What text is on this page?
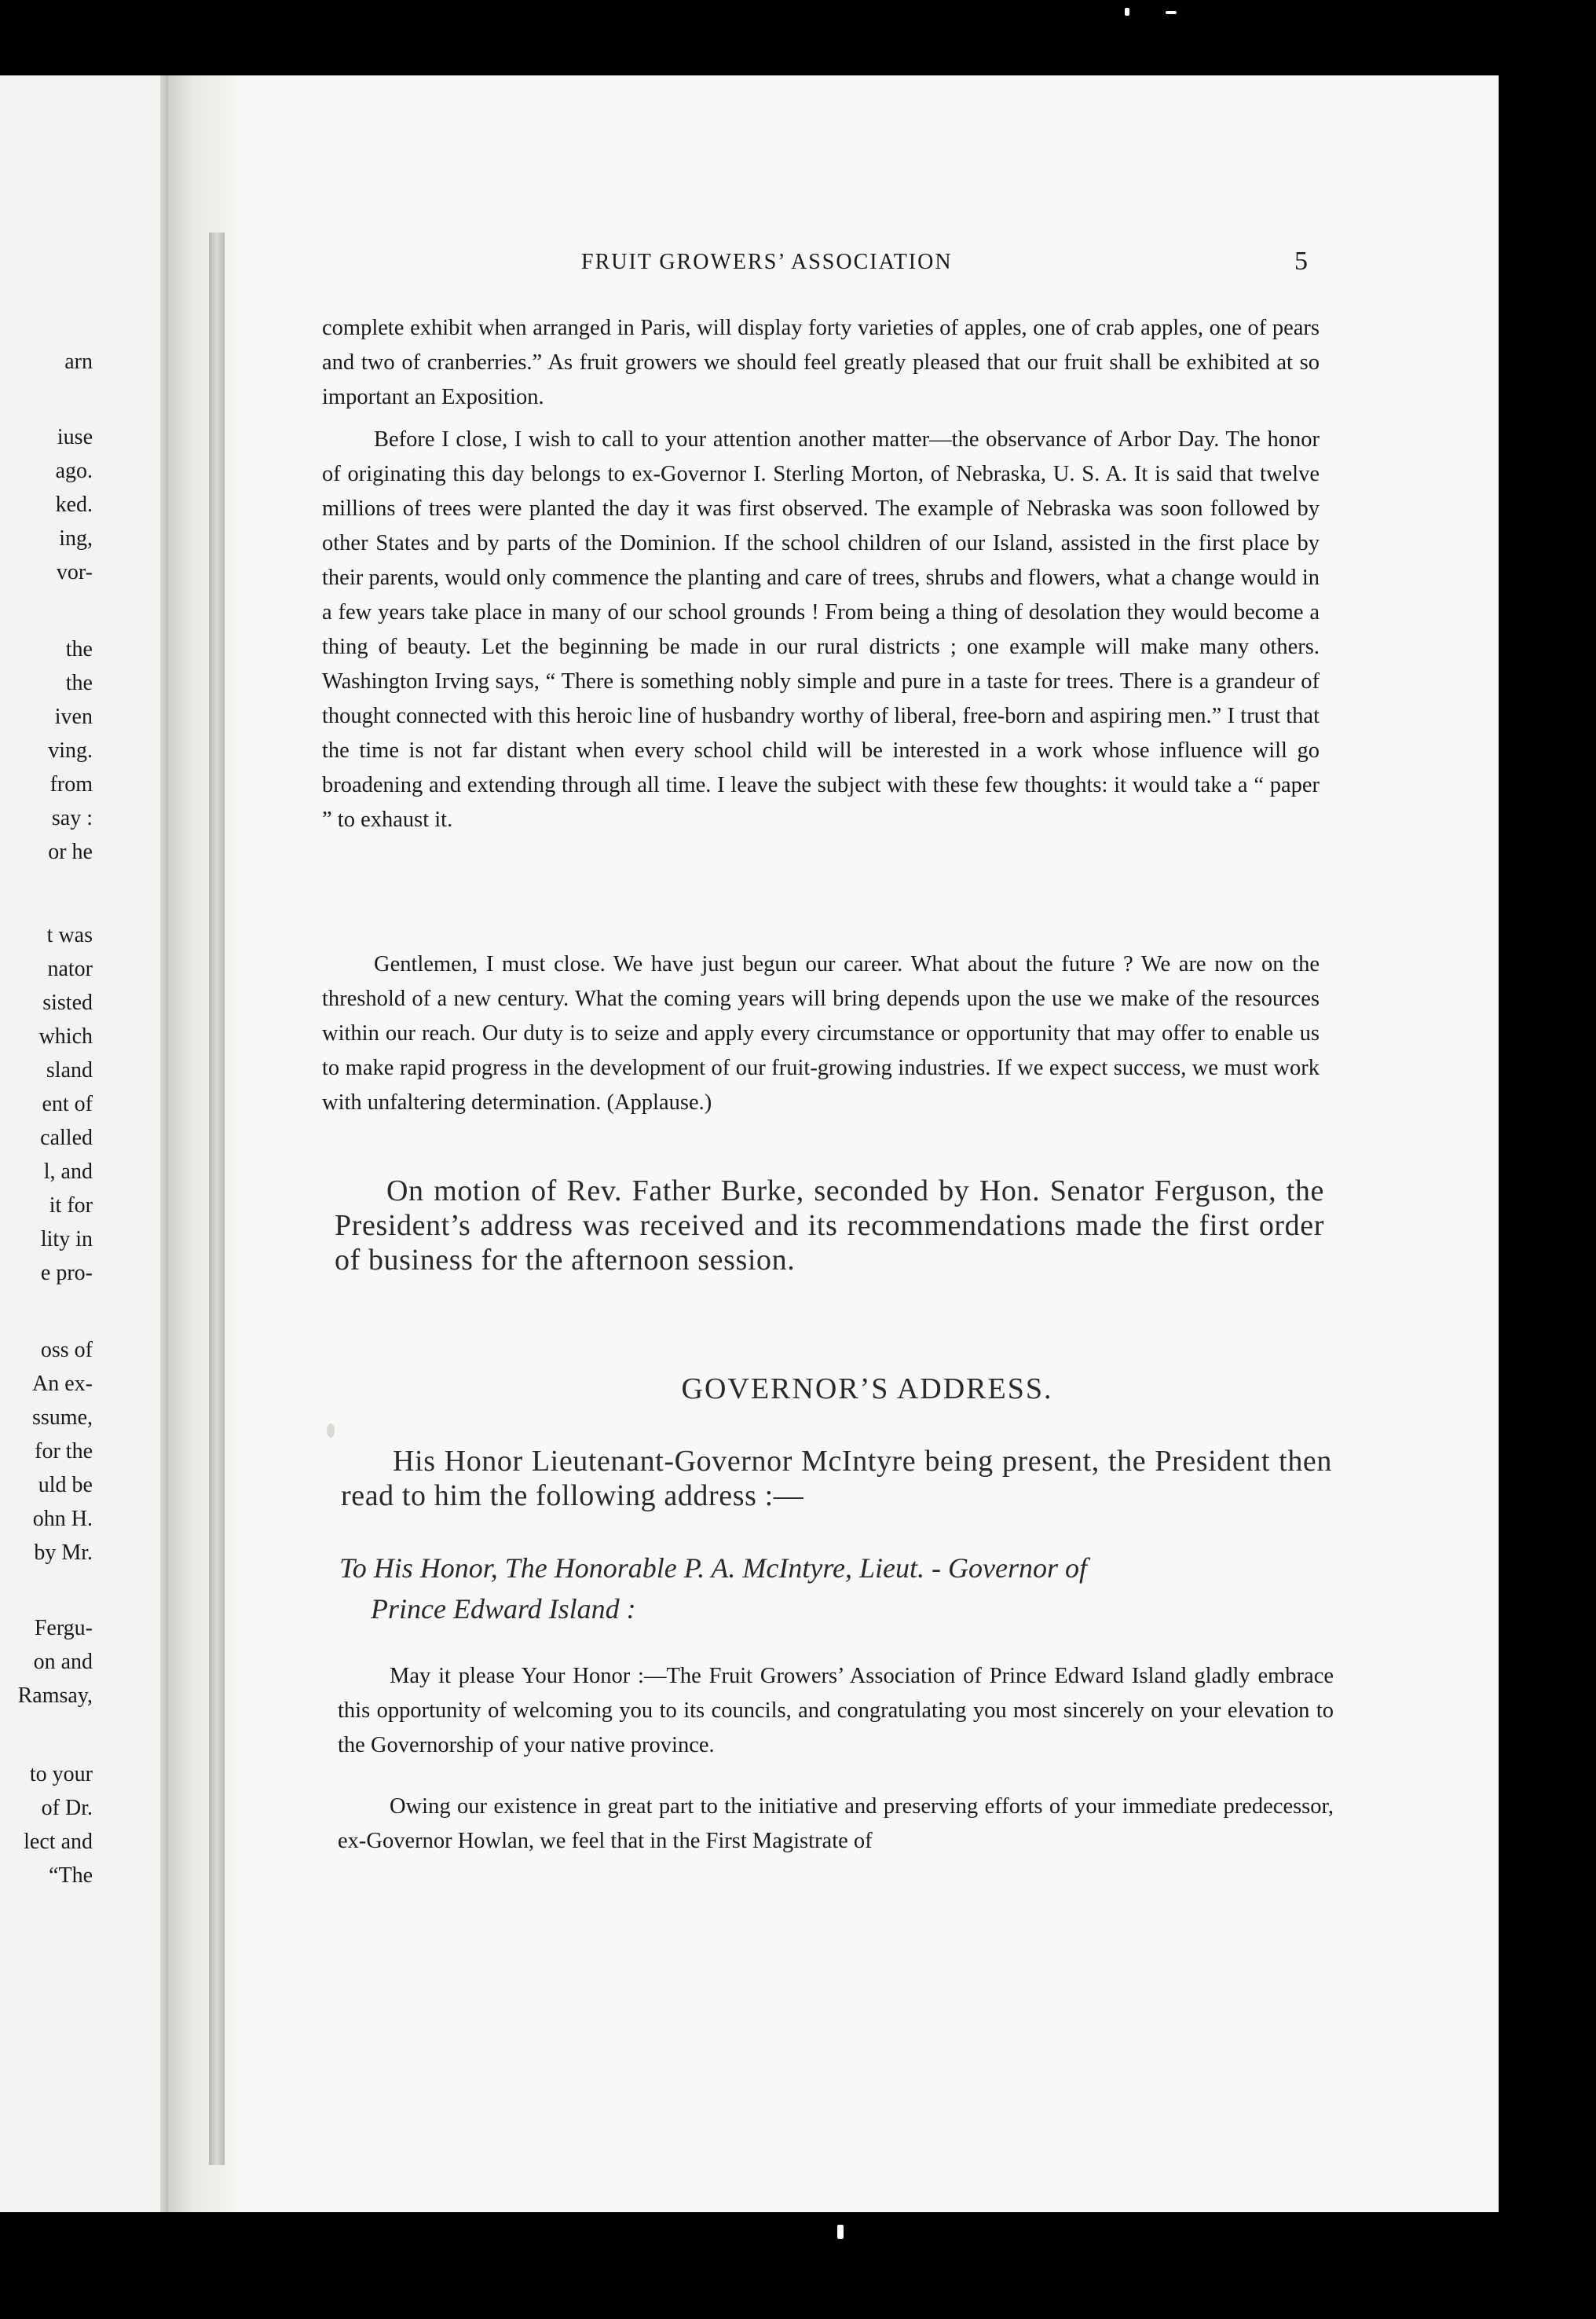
arn
iuse
ago.
ked.
ing,
vor-
the
the
iven
ving.
from
say :
or he
t was
nator
sisted
which
sland
ent of
called
l, and
it for
lity in
e pro-
oss of
An ex-
ssume,
for the
uld be
ohn H.
by Mr.
Fergu-
on and
Ramsay,
to your
of Dr.
lect and
“The
FRUIT GROWERS’ ASSOCIATION	5

complete exhibit when arranged in Paris, will display forty varieties of apples, one of crab apples, one of pears and two of cranberries.” As fruit growers we should feel greatly pleased that our fruit shall be exhibited at so important an Exposition.

Before I close, I wish to call to your attention another matter—the observance of Arbor Day. The honor of originating this day belongs to ex-Governor I. Sterling Morton, of Nebraska, U. S. A. It is said that twelve millions of trees were planted the day it was first observed. The example of Nebraska was soon followed by other States and by parts of the Dominion. If the school children of our Island, assisted in the first place by their parents, would only commence the planting and care of trees, shrubs and flowers, what a change would in a few years take place in many of our school grounds ! From being a thing of desolation they would become a thing of beauty. Let the beginning be made in our rural districts ; one example will make many others. Washington Irving says, “ There is something nobly simple and pure in a taste for trees. There is a grandeur of thought connected with this heroic line of husbandry worthy of liberal, free-born and aspiring men.” I trust that the time is not far distant when every school child will be interested in a work whose influence will go broadening and extending through all time. I leave the subject with these few thoughts: it would take a “ paper ” to exhaust it.

Gentlemen, I must close. We have just begun our career. What about the future ? We are now on the threshold of a new century. What the coming years will bring depends upon the use we make of the resources within our reach. Our duty is to seize and apply every circumstance or opportunity that may offer to enable us to make rapid progress in the development of our fruit-growing industries. If we expect success, we must work with unfaltering determination. (Applause.)

On motion of Rev. Father Burke, seconded by Hon. Senator Ferguson, the President’s address was received and its recommendations made the first order of business for the afternoon session.

GOVERNOR’S ADDRESS.

His Honor Lieutenant-Governor McIntyre being present, the President then read to him the following address :—

To His Honor, The Honorable P. A. McIntyre, Lieut. - Governor of
Prince Edward Island :

May it please Your Honor :—The Fruit Growers’ Association of Prince Edward Island gladly embrace this opportunity of welcoming you to its councils, and congratulating you most sincerely on your elevation to the Governorship of your native province.

Owing our existence in great part to the initiative and preserving efforts of your immediate predecessor, ex-Governor Howlan, we feel that in the First Magistrate of
